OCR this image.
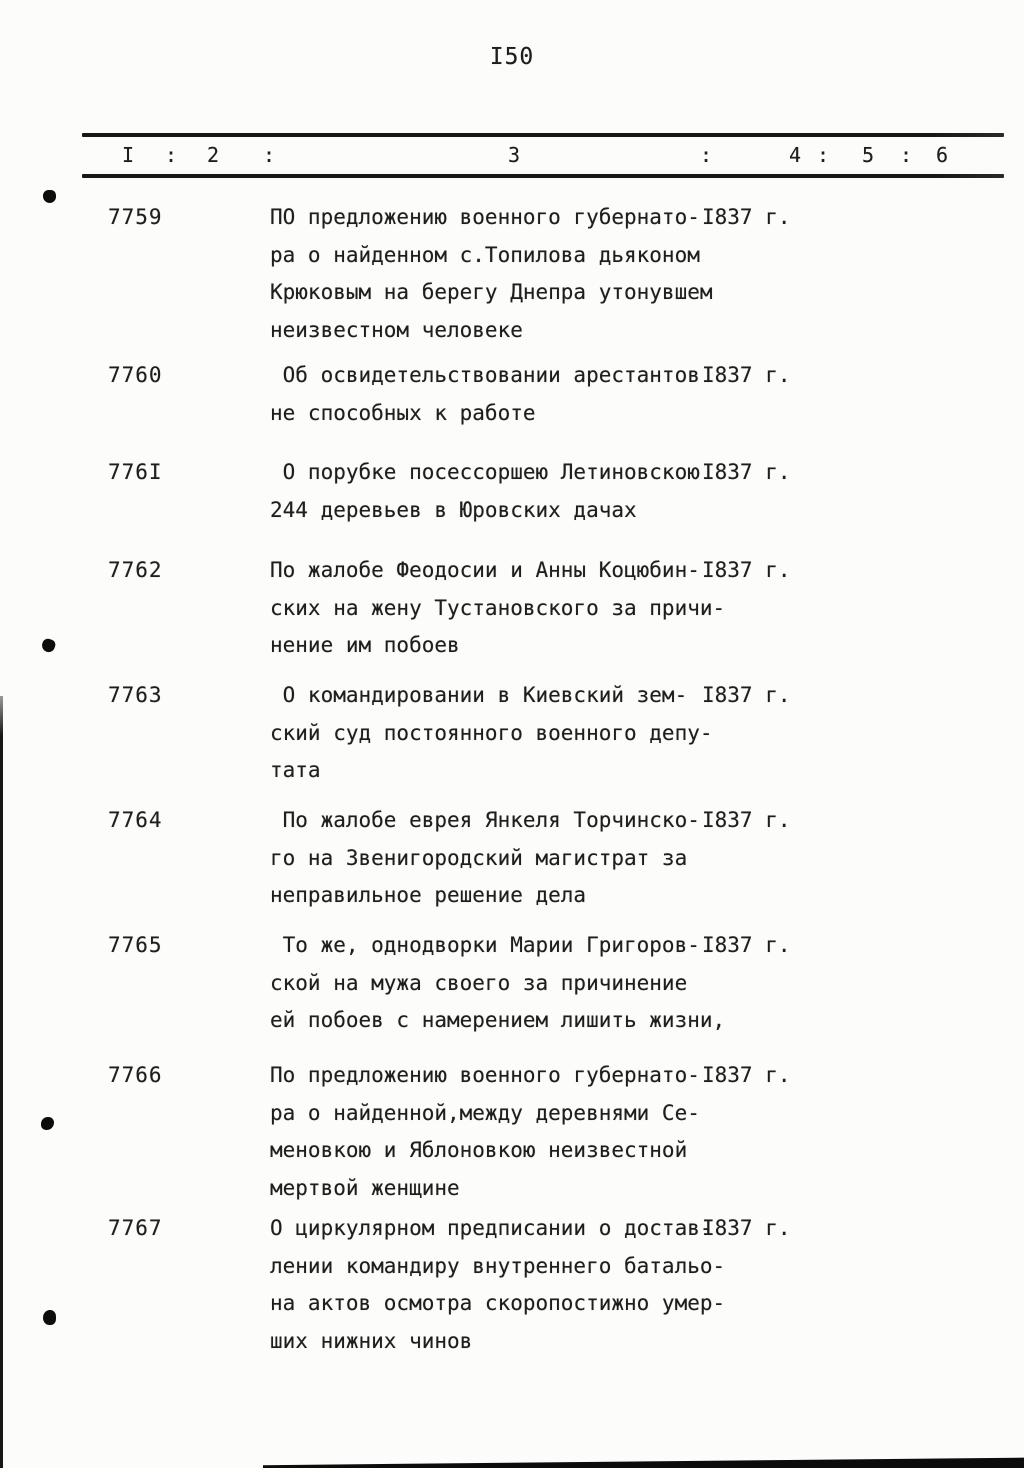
I50
I : 2 :	3	:	4 : 5 : 6
7759	ПО предложению военного губернато-
ра о найденном с.Топилова дьяконом
Крюковым на берегу Днепра утонувшем
неизвестном человеке
I837 г.
7760	Об освидетельствовании арестантов
не способных к работе
I837 г.
776I	О порубке посессоршею Летиновскою
244 деревьев в Юровских дачах
I837 г.
7762	По жалобе Феодосии и Анны Коцюбин-
ских на жену Тустановского за причи-
нение им побоев
I837 г.
7763	О командировании в Киевский зем-
ский суд постоянного военного депу-
тата
I837 г.
7764	По жалобе еврея Янкеля Торчинско-
го на Звенигородский магистрат за
неправильное решение дела
I837 г.
7765	То же, однодворки Марии Григоров-
ской на мужа своего за причинение
ей побоев с намерением лишить жизни,
I837 г.
7766	По предложению военного губернато-
ра о найденной,между деревнями Се-
меновкою и Яблоновкою неизвестной
мертвой женщине
I837 г.
7767	О циркулярном предписании о достав-
лении командиру внутреннего батальо-
на актов осмотра скоропостижно умер-
ших нижних чинов
I837 г.
